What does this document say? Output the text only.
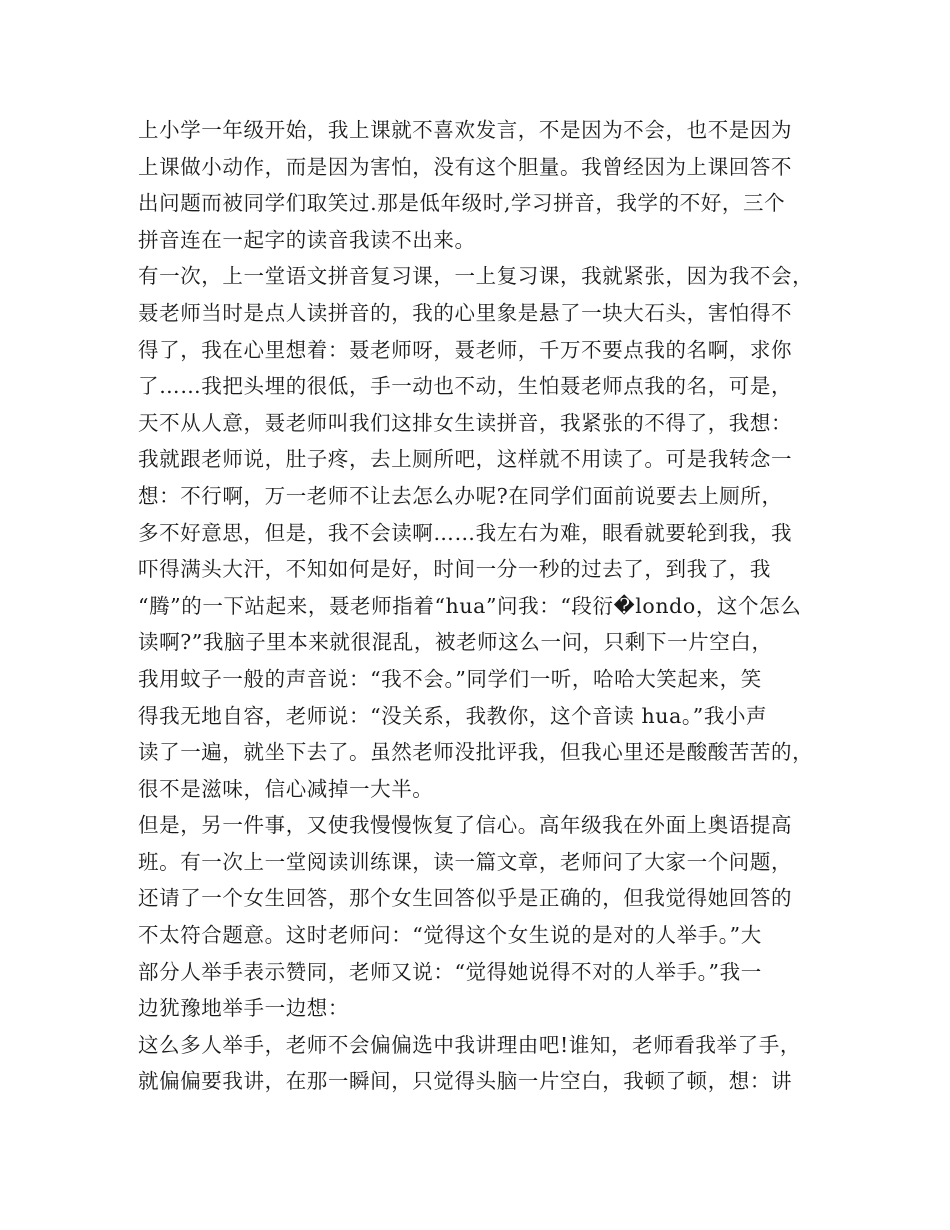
上小学一年级开始，我上课就不喜欢发言，不是因为不会，也不是因为
上课做小动作，而是因为害怕，没有这个胆量。我曾经因为上课回答不
出问题而被同学们取笑过.那是低年级时,学习拼音，我学的不好，三个
拼音连在一起字的读音我读不出来。
有一次，上一堂语文拼音复习课，一上复习课，我就紧张，因为我不会，
聂老师当时是点人读拼音的，我的心里象是悬了一块大石头，害怕得不
得了，我在心里想着：聂老师呀，聂老师，千万不要点我的名啊，求你
了……我把头埋的很低，手一动也不动，生怕聂老师点我的名，可是，
天不从人意，聂老师叫我们这排女生读拼音，我紧张的不得了，我想：
我就跟老师说，肚子疼，去上厕所吧，这样就不用读了。可是我转念一
想：不行啊，万一老师不让去怎么办呢?在同学们面前说要去上厕所，
多不好意思，但是，我不会读啊……我左右为难，眼看就要轮到我，我
吓得满头大汗，不知如何是好，时间一分一秒的过去了，到我了，我
“腾”的一下站起来，聂老师指着“hua”问我：“段衍�londo，这个怎么
读啊?”我脑子里本来就很混乱，被老师这么一问，只剩下一片空白，
我用蚊子一般的声音说：“我不会。”同学们一听，哈哈大笑起来，笑
得我无地自容，老师说：“没关系，我教你，这个音读 hua。”我小声
读了一遍，就坐下去了。虽然老师没批评我，但我心里还是酸酸苦苦的，
很不是滋味，信心减掉一大半。
但是，另一件事，又使我慢慢恢复了信心。高年级我在外面上奥语提高
班。有一次上一堂阅读训练课，读一篇文章，老师问了大家一个问题，
还请了一个女生回答，那个女生回答似乎是正确的，但我觉得她回答的
不太符合题意。这时老师问：“觉得这个女生说的是对的人举手。”大
部分人举手表示赞同，老师又说：“觉得她说得不对的人举手。”我一
边犹豫地举手一边想：
这么多人举手，老师不会偏偏选中我讲理由吧!谁知，老师看我举了手，
就偏偏要我讲，在那一瞬间，只觉得头脑一片空白，我顿了顿，想：讲
